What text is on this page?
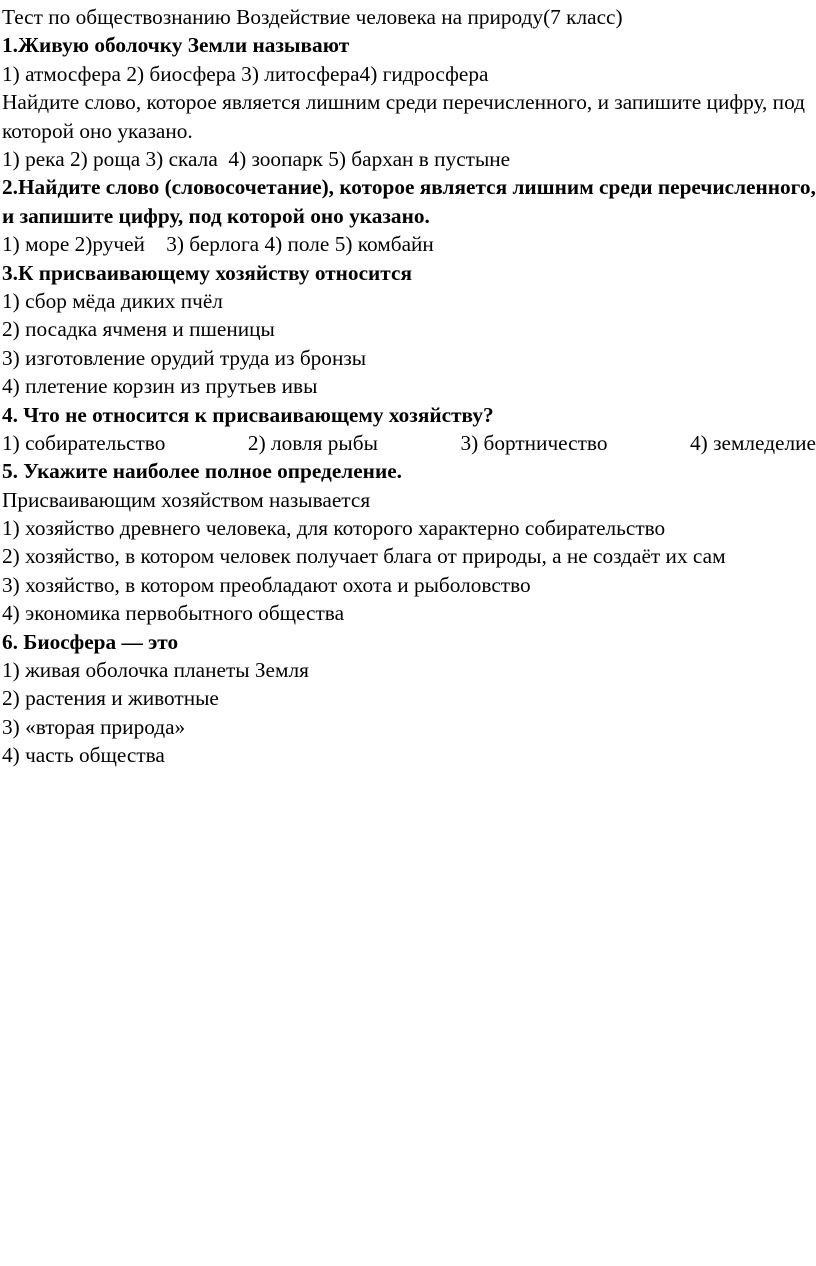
Тест по обществознанию Воздействие человека на природу(7 класс)
1.Живую оболочку Земли называют
1) атмосфера 2) биосфера 3) литосфера4) гидросфера
Найдите слово, которое является лишним среди перечисленного, и запишите цифру, под которой оно указано.
1) река 2) роща 3) скала  4) зоопарк 5) бархан в пустыне
2.Найдите слово (словосочетание), которое является лишним среди перечисленного, и запишите цифру, под которой оно указано.
1) море 2)ручей    3) берлога 4) поле 5) комбайн
3.К присваивающему хозяйству относится
1) сбор мёда диких пчёл
2) посадка ячменя и пшеницы
3) изготовление орудий труда из бронзы
4) плетение корзин из прутьев ивы
4. Что не относится к присваивающему хозяйству?
1) собирательство	2) ловля рыбы	3) бортничество	4) земледелие
5. Укажите наиболее полное определение.
Присваивающим хозяйством называется
1) хозяйство древнего человека, для которого характерно собирательство
2) хозяйство, в котором человек получает блага от природы, а не создаёт их сам
3) хозяйство, в котором преобладают охота и рыболовство
4) экономика первобытного общества
6. Биосфера — это
1) живая оболочка планеты Земля
2) растения и животные
3) «вторая природа»
4) часть общества
